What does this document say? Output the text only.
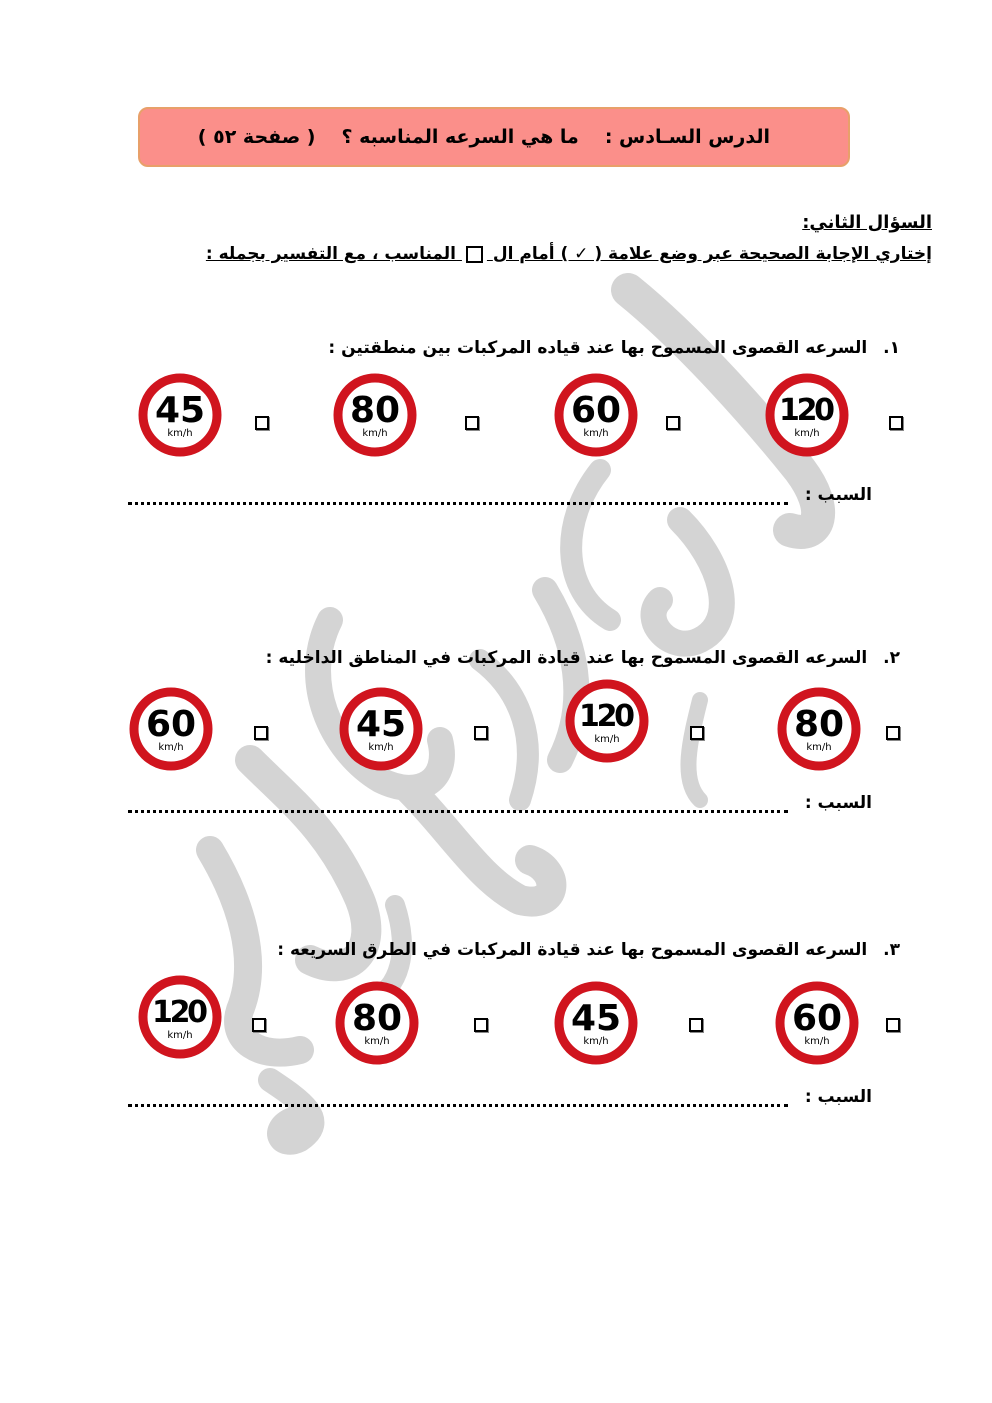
الدرس السـادس :
ما هي السرعه المناسبه ؟
( صفحة ٥٢ )
السؤال الثاني:
إختاري الإجابة الصحيحة عبر وضع علامة ( ✓ ) أمام ال  المناسب ، مع التفسير بجمله :
١. السرعه القصوى المسموح بها عند قياده المركبات بين منطقتين :
120
km/h
60
km/h
80
km/h
45
km/h
السبب :
٢. السرعه القصوى المسموح بها عند قيادة المركبات في المناطق الداخليه :
80
km/h
120
km/h
45
km/h
60
km/h
السبب :
٣. السرعه القصوى المسموح بها عند قيادة المركبات في الطرق السريعه :
60
km/h
45
km/h
80
km/h
120
km/h
السبب :
